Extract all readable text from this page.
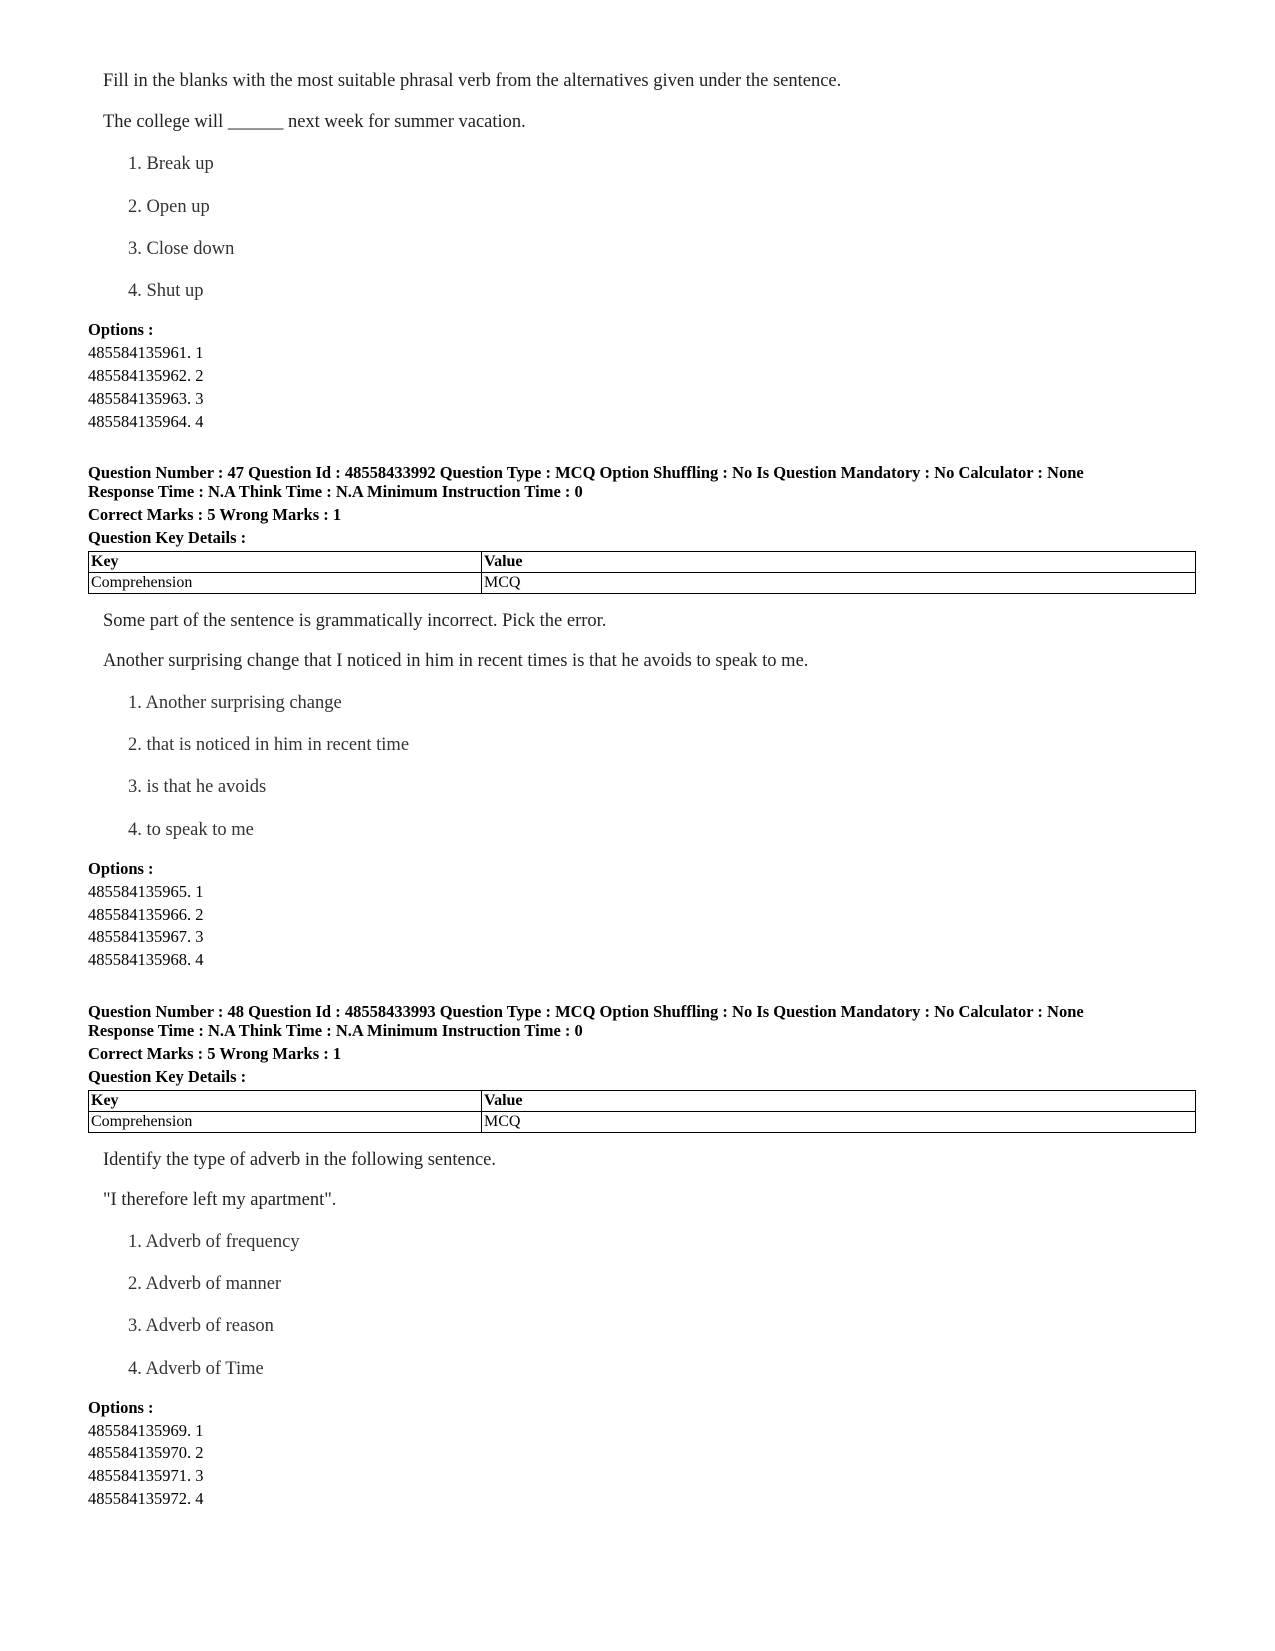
Fill in the blanks with the most suitable phrasal verb from the alternatives given under the sentence.
The college will ______ next week for summer vacation.
1. Break up
2. Open up
3. Close down
4. Shut up
Options :
485584135961. 1
485584135962. 2
485584135963. 3
485584135964. 4
Question Number : 47 Question Id : 48558433992 Question Type : MCQ Option Shuffling : No Is Question Mandatory : No Calculator : None
Response Time : N.A Think Time : N.A Minimum Instruction Time : 0
Correct Marks : 5 Wrong Marks : 1
Question Key Details :
Key	Value
Comprehension	MCQ
Some part of the sentence is grammatically incorrect. Pick the error.
Another surprising change that I noticed in him in recent times is that he avoids to speak to me.
1. Another surprising change
2. that is noticed in him in recent time
3. is that he avoids
4. to speak to me
Options :
485584135965. 1
485584135966. 2
485584135967. 3
485584135968. 4
Question Number : 48 Question Id : 48558433993 Question Type : MCQ Option Shuffling : No Is Question Mandatory : No Calculator : None
Response Time : N.A Think Time : N.A Minimum Instruction Time : 0
Correct Marks : 5 Wrong Marks : 1
Question Key Details :
Key	Value
Comprehension	MCQ
Identify the type of adverb in the following sentence.
"I therefore left my apartment".
1. Adverb of frequency
2. Adverb of manner
3. Adverb of reason
4. Adverb of Time
Options :
485584135969. 1
485584135970. 2
485584135971. 3
485584135972. 4
